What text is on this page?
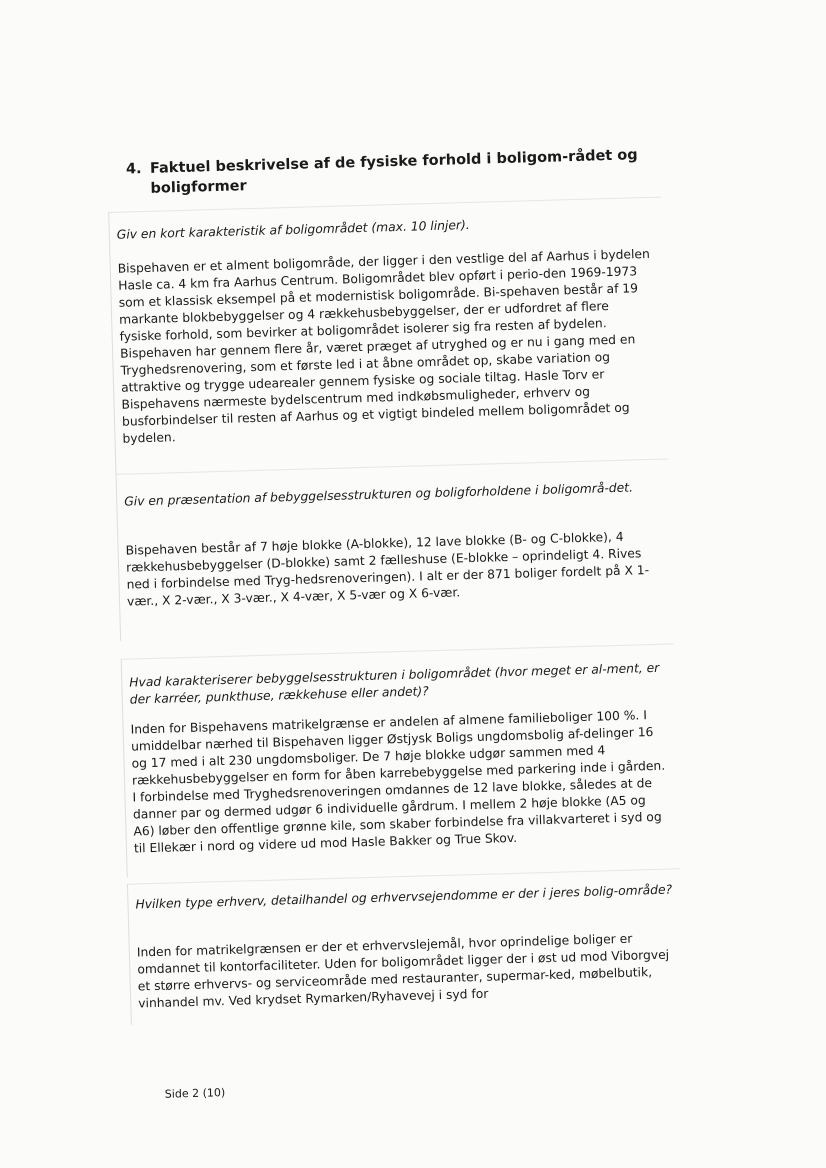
4. Faktuel beskrivelse af de fysiske forhold i boligom-rådet og boligformer

Giv en kort karakteristik af boligområdet (max. 10 linjer).

Bispehaven er et alment boligområde, der ligger i den vestlige del af Aarhus i bydelen Hasle ca. 4 km fra Aarhus Centrum. Boligområdet blev opført i perio-den 1969-1973 som et klassisk eksempel på et modernistisk boligområde. Bi-spehaven består af 19 markante blokbebyggelser og 4 rækkehusbebyggelser, der er udfordret af flere fysiske forhold, som bevirker at boligområdet isolerer sig fra resten af bydelen. Bispehaven har gennem flere år, været præget af utryghed og er nu i gang med en Tryghedsrenovering, som et første led i at åbne området op, skabe variation og attraktive og trygge udearealer gennem fysiske og sociale tiltag. Hasle Torv er Bispehavens nærmeste bydelscentrum med indkøbsmuligheder, erhverv og busforbindelser til resten af Aarhus og et vigtigt bindeled mellem boligområdet og bydelen.

Giv en præsentation af bebyggelsesstrukturen og boligforholdene i boligområ-det.

Bispehaven består af 7 høje blokke (A-blokke), 12 lave blokke (B- og C-blokke), 4 rækkehusbebyggelser (D-blokke) samt 2 fælleshuse (E-blokke – oprindeligt 4. Rives ned i forbindelse med Tryg-hedsrenoveringen). I alt er der 871 boliger fordelt på X 1-vær., X 2-vær., X 3-vær., X 4-vær, X 5-vær og X 6-vær.

Hvad karakteriserer bebyggelsesstrukturen i boligområdet (hvor meget er al-ment, er der karréer, punkthuse, rækkehuse eller andet)?

Inden for Bispehavens matrikelgrænse er andelen af almene familieboliger 100 %. I umiddelbar nærhed til Bispehaven ligger Østjysk Boligs ungdomsbolig af-delinger 16 og 17 med i alt 230 ungdomsboliger. De 7 høje blokke udgør sammen med 4 rækkehusbebyggelser en form for åben karrebebyggelse med parkering inde i gården. I forbindelse med Tryghedsrenoveringen omdannes de 12 lave blokke, således at de danner par og dermed udgør 6 individuelle gårdrum. I mellem 2 høje blokke (A5 og A6) løber den offentlige grønne kile, som skaber forbindelse fra villakvarteret i syd og til Ellekær i nord og videre ud mod Hasle Bakker og True Skov.

Hvilken type erhverv, detailhandel og erhvervsejendomme er der i jeres bolig-område?

Inden for matrikelgrænsen er der et erhvervslejemål, hvor oprindelige boliger er omdannet til kontorfaciliteter. Uden for boligområdet ligger der i øst ud mod Viborgvej et større erhvervs- og serviceområde med restauranter, supermar-ked, møbelbutik, vinhandel mv. Ved krydset Rymarken/Ryhavevej i syd for

Side 2 (10)
